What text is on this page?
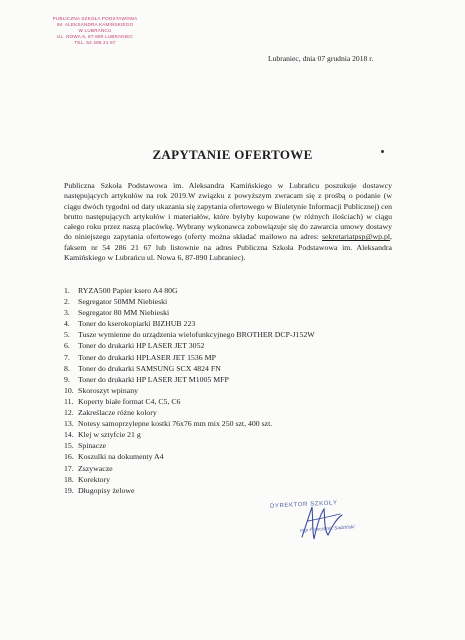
PUBLICZNA SZKOŁA PODSTAWOWA
IM. ALEKSANDRA KAMIŃSKIEGO
W LUBRAŃCU
UL. NOWA 6, 87-890 LUBRANIEC
TEL. 54 286 21 67
Lubraniec, dnia 07 grudnia 2018 r.
ZAPYTANIE OFERTOWE
Publiczna Szkoła Podstawowa im. Aleksandra Kamińskiego w Lubrańcu poszukuje dostawcy następujących artykułów na rok 2019.W związku z powyższym zwracam się z prośbą o podanie (w ciągu dwóch tygodni od daty ukazania się zapytania ofertowego w Biuletynie Informacji Publicznej) cen brutto następujących artykułów i materiałów, które byłyby kupowane (w różnych ilościach) w ciągu całego roku przez naszą placówkę. Wybrany wykonawca zobowiązuje się do zawarcia umowy dostawy do niniejszego zapytania ofertowego (oferty można składać mailowo na adres: sekretariatpsp@wp.pl, faksem nr 54 286 21 67 lub listownie na adres Publiczna Szkoła Podstawowa im. Aleksandra Kamińskiego w Lubrańcu ul. Nowa 6, 87-890 Lubraniec).
1. RYZA500 Papier ksero A4 80G
2. Segregator 50MM Niebieski
3. Segregator 80 MM Niebieski
4. Toner do kserokopiarki BIZHUB 223
5. Tusze wymienne do urządzenia wielofunkcyjnego BROTHER DCP-J152W
6. Toner do drukarki HP LASER JET 3052
7. Toner do drukarki HPLASER JET 1536 MP
8. Toner do drukarki SAMSUNG SCX 4824 FN
9. Toner do drukarki HP LASER JET M1005 MFP
10. Skoroszyt wpinany
11. Koperty białe format C4, C5, C6
12. Zakreślacze różne kolory
13. Notesy samoprzylepne kostki 76x76 mm mix 250 szt, 400 szt.
14. Klej w sztyfcie 21 g
15. Spinacze
16. Koszulki na dokumenty A4
17. Zszywacze
18. Korektory
19. Długopisy żelowe
DYREKTOR SZKOŁY
mgr Franciszek Sadziński
